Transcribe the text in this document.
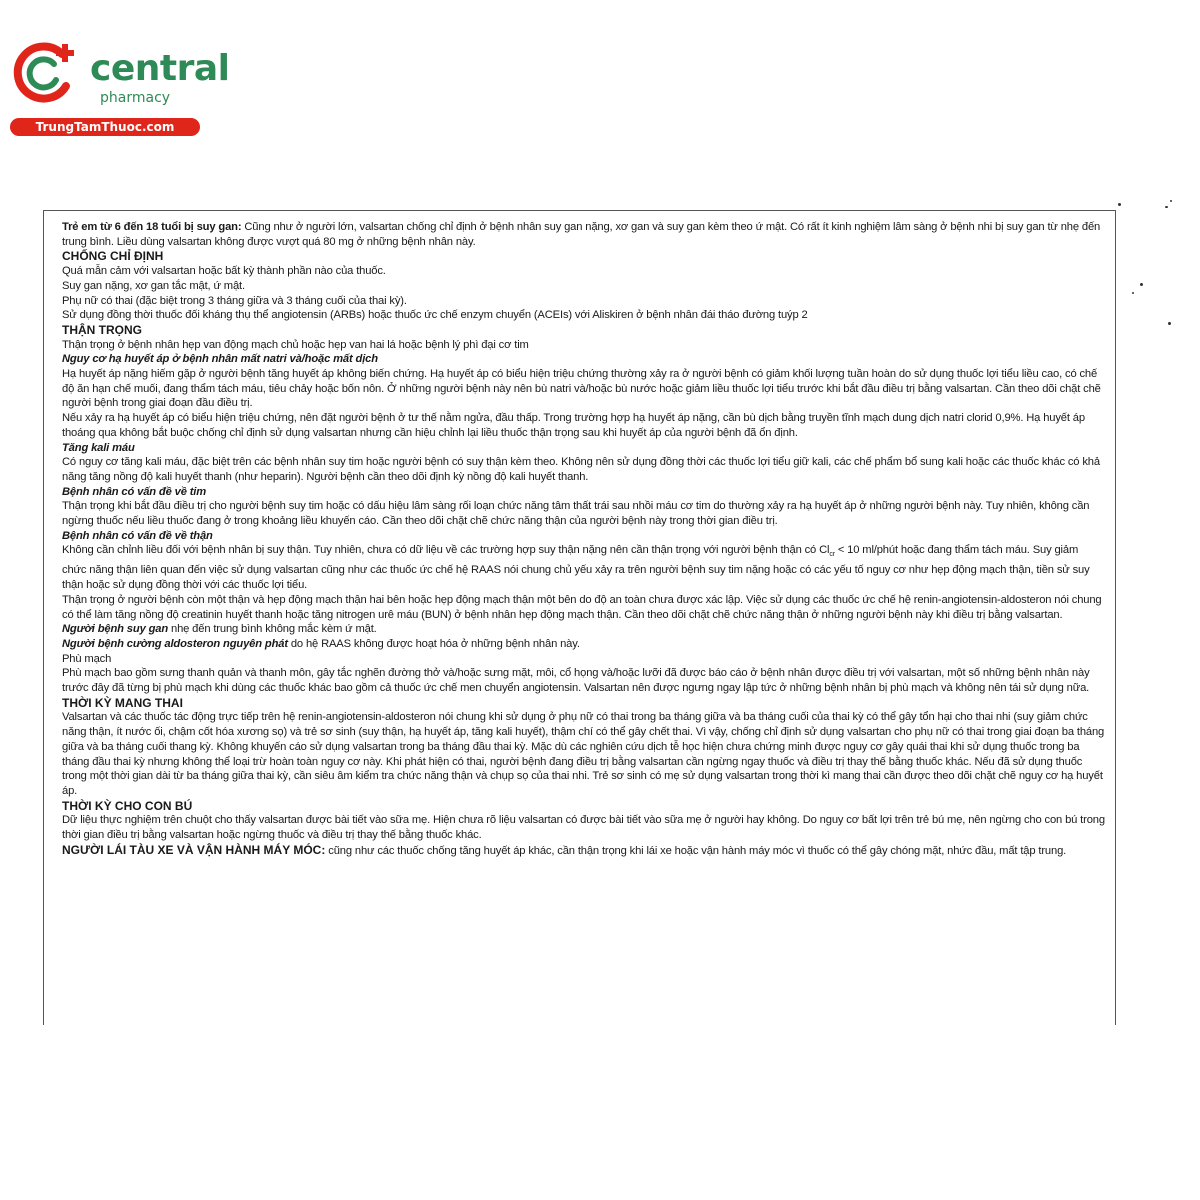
central
pharmacy
TrungTamThuoc.com

Trẻ em từ 6 đến 18 tuổi bị suy gan: Cũng như ở người lớn, valsartan chống chỉ định ở bệnh nhân suy gan nặng, xơ gan và suy gan kèm theo ứ mật. Có rất ít kinh nghiệm lâm sàng ở bệnh nhi bị suy gan từ nhẹ đến trung bình. Liều dùng valsartan không được vượt quá 80 mg ở những bệnh nhân này.

CHỐNG CHỈ ĐỊNH

Quá mẫn cảm với valsartan hoặc bất kỳ thành phần nào của thuốc.

Suy gan nặng, xơ gan tắc mật, ứ mật.

Phụ nữ có thai (đặc biệt trong 3 tháng giữa và 3 tháng cuối của thai kỳ).

Sử dụng đồng thời thuốc đối kháng thụ thể angiotensin (ARBs) hoặc thuốc ức chế enzym chuyển (ACEIs) với Aliskiren ở bệnh nhân đái tháo đường tuýp 2

THẬN TRỌNG

Thận trọng ở bệnh nhân hẹp van động mạch chủ hoặc hẹp van hai lá hoặc bệnh lý phì đại cơ tim

Nguy cơ hạ huyết áp ở bệnh nhân mất natri và/hoặc mất dịch

Hạ huyết áp nặng hiếm gặp ở người bệnh tăng huyết áp không biến chứng. Hạ huyết áp có biểu hiện triệu chứng thường xảy ra ở người bệnh có giảm khối lượng tuần hoàn do sử dụng thuốc lợi tiểu liều cao, có chế độ ăn hạn chế muối, đang thẩm tách máu, tiêu chảy hoặc bốn nôn. Ở những người bệnh này nên bù natri và/hoặc bù nước hoặc giảm liều thuốc lợi tiểu trước khi bắt đầu điều trị bằng valsartan. Cần theo dõi chặt chẽ người bệnh trong giai đoạn đầu điều trị.

Nếu xảy ra hạ huyết áp có biểu hiện triệu chứng, nên đặt người bệnh ở tư thế nằm ngửa, đầu thấp. Trong trường hợp hạ huyết áp nặng, cần bù dịch bằng truyền tĩnh mạch dung dịch natri clorid 0,9%. Hạ huyết áp thoáng qua không bắt buộc chống chỉ định sử dụng valsartan nhưng cần hiệu chỉnh lại liều thuốc thận trọng sau khi huyết áp của người bệnh đã ổn định.

Tăng kali máu

Có nguy cơ tăng kali máu, đặc biệt trên các bệnh nhân suy tim hoặc người bệnh có suy thận kèm theo. Không nên sử dụng đồng thời các thuốc lợi tiểu giữ kali, các chế phẩm bổ sung kali hoặc các thuốc khác có khả năng tăng nồng độ kali huyết thanh (như heparin). Người bệnh cần theo dõi định kỳ nồng độ kali huyết thanh.

Bệnh nhân có vấn đề về tim

Thận trọng khi bắt đầu điều trị cho người bệnh suy tim hoặc có dấu hiệu lâm sàng rối loạn chức năng tâm thất trái sau nhồi máu cơ tim do thường xảy ra hạ huyết áp ở những người bệnh này. Tuy nhiên, không cần ngừng thuốc nếu liều thuốc đang ở trong khoảng liều khuyến cáo. Cần theo dõi chặt chẽ chức năng thận của người bệnh này trong thời gian điều trị.

Bệnh nhân có vấn đề về thận

Không cần chỉnh liều đối với bệnh nhân bị suy thận. Tuy nhiên, chưa có dữ liệu về các trường hợp suy thận nặng nên cần thận trọng với người bệnh thận có $Cl_{cr} < 10$ ml/phút hoặc đang thẩm tách máu. Suy giảm chức năng thận liên quan đến việc sử dụng valsartan cũng như các thuốc ức chế hệ RAAS nói chung chủ yếu xảy ra trên người bệnh suy tim nặng hoặc có các yếu tố nguy cơ như hẹp động mạch thận, tiền sử suy thận hoặc sử dụng đồng thời với các thuốc lợi tiểu.

Thận trọng ở người bệnh còn một thận và hẹp động mạch thận hai bên hoặc hẹp động mạch thận một bên do độ an toàn chưa được xác lập. Việc sử dụng các thuốc ức chế hệ renin-angiotensin-aldosteron nói chung có thể làm tăng nồng độ creatinin huyết thanh hoặc tăng nitrogen urê máu (BUN) ở bệnh nhân hẹp động mạch thận. Cần theo dõi chặt chẽ chức năng thận ở những người bệnh này khi điều trị bằng valsartan.

Người bệnh suy gan nhẹ đến trung bình không mắc kèm ứ mật.

Người bệnh cường aldosteron nguyên phát do hệ RAAS không được hoạt hóa ở những bệnh nhân này.

Phù mạch

Phù mạch bao gồm sưng thanh quản và thanh môn, gây tắc nghẽn đường thở và/hoặc sưng mặt, môi, cổ họng và/hoặc lưỡi đã được báo cáo ở bệnh nhân được điều trị với valsartan, một số những bệnh nhân này trước đây đã từng bị phù mạch khi dùng các thuốc khác bao gồm cả thuốc ức chế men chuyển angiotensin. Valsartan nên được ngưng ngay lập tức ở những bệnh nhân bị phù mạch và không nên tái sử dụng nữa.

THỜI KỲ MANG THAI

Valsartan và các thuốc tác động trực tiếp trên hệ renin-angiotensin-aldosteron nói chung khi sử dụng ở phụ nữ có thai trong ba tháng giữa và ba tháng cuối của thai kỳ có thể gây tổn hại cho thai nhi (suy giảm chức năng thận, ít nước ối, chậm cốt hóa xương sọ) và trẻ sơ sinh (suy thận, hạ huyết áp, tăng kali huyết), thậm chí có thể gây chết thai. Vì vậy, chống chỉ định sử dụng valsartan cho phụ nữ có thai trong giai đoạn ba tháng giữa và ba tháng cuối thang kỳ. Không khuyến cáo sử dụng valsartan trong ba tháng đầu thai kỳ. Mặc dù các nghiên cứu dịch tễ học hiện chưa chứng minh được nguy cơ gây quái thai khi sử dụng thuốc trong ba tháng đầu thai kỳ nhưng không thể loại trừ hoàn toàn nguy cơ này. Khi phát hiện có thai, người bệnh đang điều trị bằng valsartan cần ngừng ngay thuốc và điều trị thay thế bằng thuốc khác. Nếu đã sử dụng thuốc trong một thời gian dài từ ba tháng giữa thai kỳ, cần siêu âm kiểm tra chức năng thận và chụp sọ của thai nhi. Trẻ sơ sinh có mẹ sử dụng valsartan trong thời kì mang thai cần được theo dõi chặt chẽ nguy cơ hạ huyết áp.

THỜI KỲ CHO CON BÚ

Dữ liệu thực nghiệm trên chuột cho thấy valsartan được bài tiết vào sữa mẹ. Hiện chưa rõ liệu valsartan có được bài tiết vào sữa mẹ ở người hay không. Do nguy cơ bất lợi trên trẻ bú mẹ, nên ngừng cho con bú trong thời gian điều trị bằng valsartan hoặc ngừng thuốc và điều trị thay thế bằng thuốc khác.

NGƯỜI LÁI TÀU XE VÀ VẬN HÀNH MÁY MÓC: cũng như các thuốc chống tăng huyết áp khác, cần thận trọng khi lái xe hoặc vận hành máy móc vì thuốc có thể gây chóng mặt, nhức đầu, mất tập trung.
